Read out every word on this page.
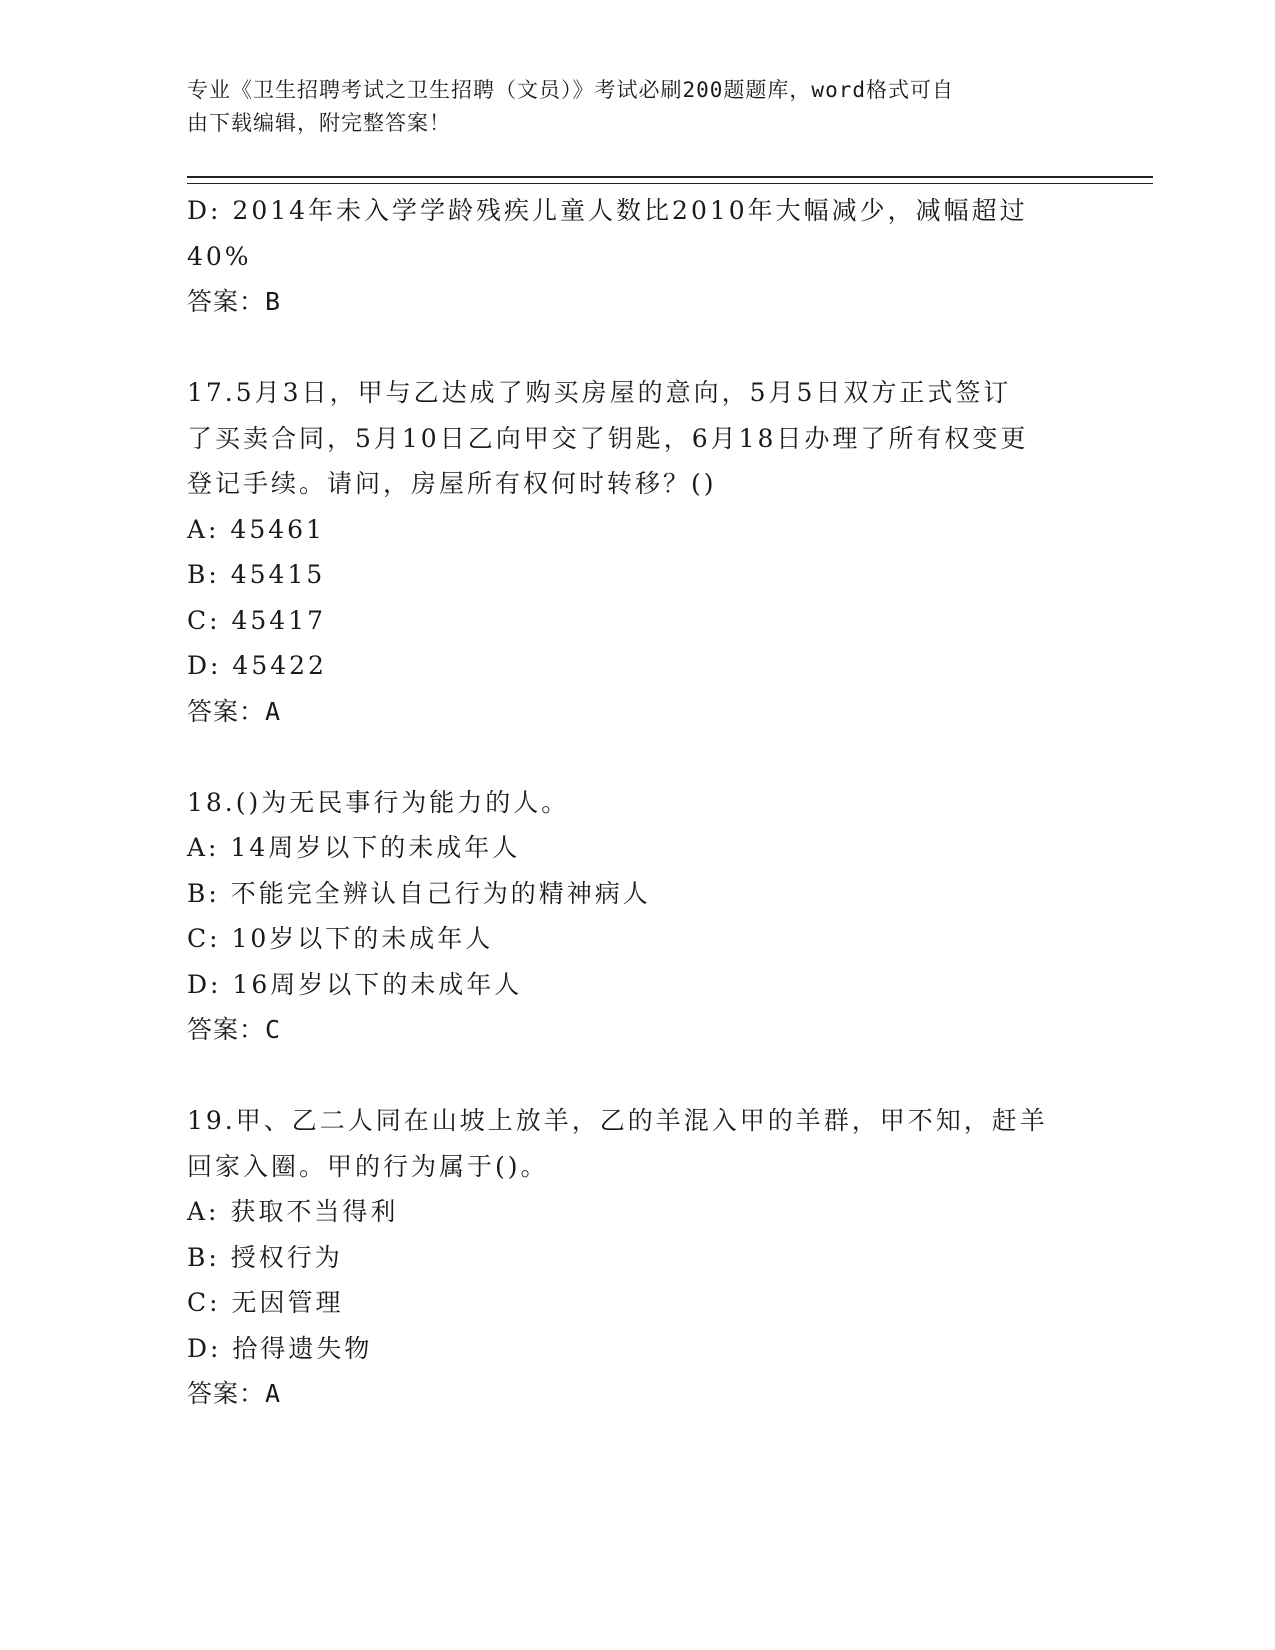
专业《卫生招聘考试之卫生招聘（文员）》考试必刷200题题库，word格式可自
由下载编辑，附完整答案！

D: 2014年未入学学龄残疾儿童人数比2010年大幅减少，减幅超过

40%

答案：B

17.5月3日，甲与乙达成了购买房屋的意向，5月5日双方正式签订

了买卖合同，5月10日乙向甲交了钥匙，6月18日办理了所有权变更

登记手续。请问，房屋所有权何时转移？()

A: 45461

B: 45415

C: 45417

D: 45422

答案：A

18.()为无民事行为能力的人。

A: 14周岁以下的未成年人

B: 不能完全辨认自己行为的精神病人

C: 10岁以下的未成年人

D: 16周岁以下的未成年人

答案：C

19.甲、乙二人同在山坡上放羊，乙的羊混入甲的羊群，甲不知，赶羊

回家入圈。甲的行为属于()。

A: 获取不当得利

B: 授权行为

C: 无因管理

D: 拾得遗失物

答案：A
